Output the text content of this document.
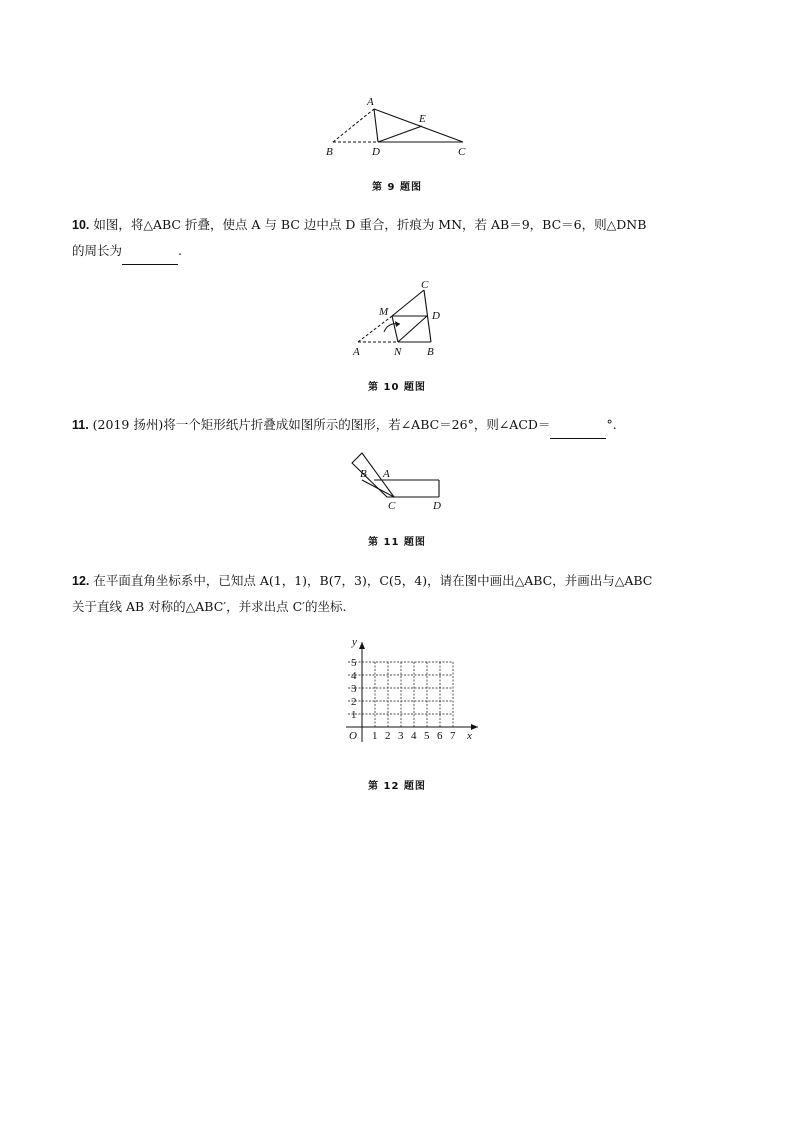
A
E
B	D	C
第 9 题图
10. 如图，将△ABC 折叠，使点 A 与 BC 边中点 D 重合，折痕为 MN，若 AB＝9，BC＝6，则△DNB
的周长为	.
C
M	D
A	N B
第 10 题图
11. (2019 扬州)将一个矩形纸片折叠成如图所示的图形，若∠ABC＝26°，则∠ACD＝	°.
B A
C	D
第 11 题图
12. 在平面直角坐标系中，已知点 A(1，1)，B(7，3)，C(5，4)，请在图中画出△ABC，并画出与△ABC
关于直线 AB 对称的△ABC′，并求出点 C′的坐标.
y
x
O 1 2 3 4 5 6 7
1
2
3
4
5
第 12 题图
